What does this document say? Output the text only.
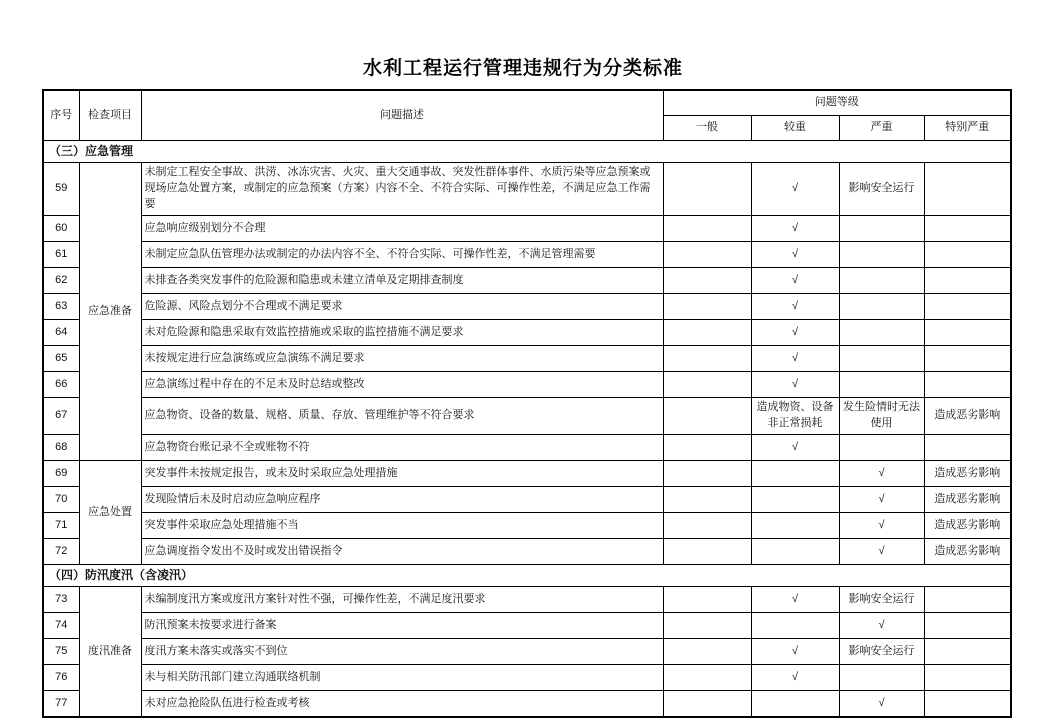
水利工程运行管理违规行为分类标准
序号	检查项目	问题描述	问题等级			
			一般	较重	严重	特别严重
（三）应急管理						
59	应急准备	未制定工程安全事故、洪涝、冰冻灾害、火灾、重大交通事故、突发性群体事件、水质污染等应急预案或现场应急处置方案，或制定的应急预案（方案）内容不全、不符合实际、可操作性差，不满足应急工作需要		√	影响安全运行	
60		应急响应级别划分不合理		√		
61		未制定应急队伍管理办法或制定的办法内容不全、不符合实际、可操作性差，不满足管理需要		√		
62		未排查各类突发事件的危险源和隐患或未建立清单及定期排查制度		√		
63		危险源、风险点划分不合理或不满足要求		√		
64		未对危险源和隐患采取有效监控措施或采取的监控措施不满足要求		√		
65		未按规定进行应急演练或应急演练不满足要求		√		
66		应急演练过程中存在的不足未及时总结或整改		√		
67		应急物资、设备的数量、规格、质量、存放、管理维护等不符合要求		造成物资、设备非正常损耗	发生险情时无法使用	造成恶劣影响
68		应急物资台账记录不全或账物不符		√		
69	应急处置	突发事件未按规定报告，或未及时采取应急处理措施			√	造成恶劣影响
70		发现险情后未及时启动应急响应程序			√	造成恶劣影响
71		突发事件采取应急处理措施不当			√	造成恶劣影响
72		应急调度指令发出不及时或发出错误指令			√	造成恶劣影响
（四）防汛度汛（含凌汛）						
73	度汛准备	未编制度汛方案或度汛方案针对性不强，可操作性差，不满足度汛要求		√	影响安全运行	
74		防汛预案未按要求进行备案			√	
75		度汛方案未落实或落实不到位		√	影响安全运行	
76		未与相关防汛部门建立沟通联络机制		√		
77		未对应急抢险队伍进行检查或考核			√	
